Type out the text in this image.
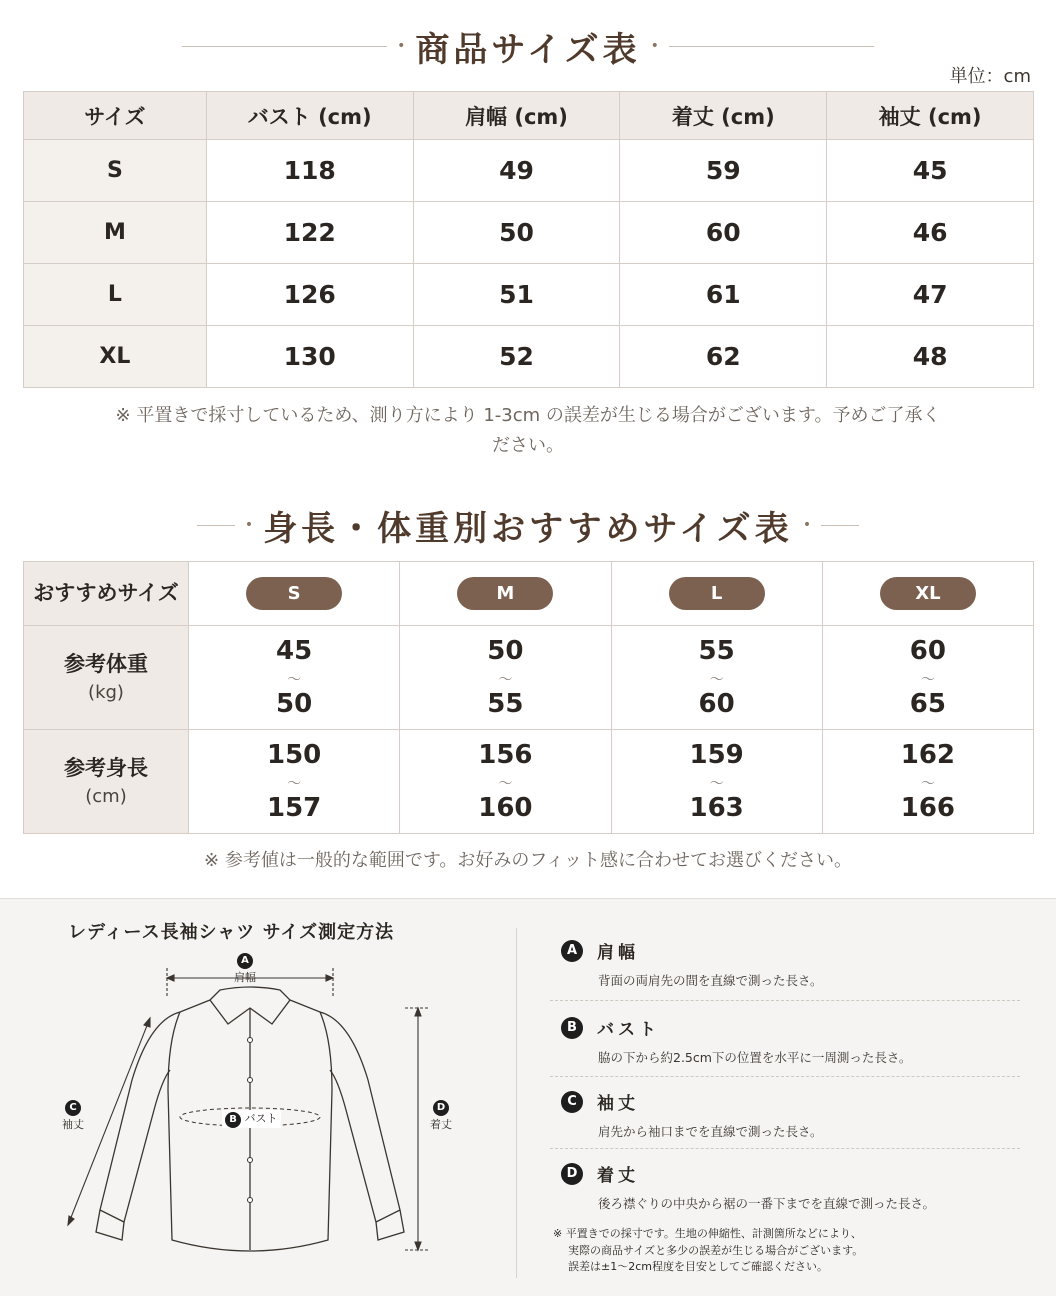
• 商品サイズ表 •
単位：cm
サイズ	バスト (cm)	肩幅 (cm)	着丈 (cm)	袖丈 (cm)
S	118	49	59	45
M	122	50	60	46
L	126	51	61	47
XL	130	52	62	48
※ 平置きで採寸しているため、測り方により 1-3cm の誤差が生じる場合がございます。予めご了承く
ださい。
• 身長・体重別おすすめサイズ表 •
おすすめサイズ	S	M	L	XL
参考体重
(kg)	45
～
50	50
～
55	55
～
60	60
～
65
参考身長
(cm)	150
～
157	156
～
160	159
～
163	162
～
166
※ 参考値は一般的な範囲です。お好みのフィット感に合わせてお選びください。
レディース長袖シャツ サイズ測定方法
A
肩幅
B バスト
C
袖丈
D
着丈
A	肩幅
背面の両肩先の間を直線で測った長さ。
B	バスト
脇の下から約2.5cm下の位置を水平に一周測った長さ。
C	袖丈
肩先から袖口までを直線で測った長さ。
D	着丈
後ろ襟ぐりの中央から裾の一番下までを直線で測った長さ。
※ 平置きでの採寸です。生地の伸縮性、計測箇所などにより、
実際の商品サイズと多少の誤差が生じる場合がございます。
誤差は±1～2cm程度を目安としてご確認ください。
